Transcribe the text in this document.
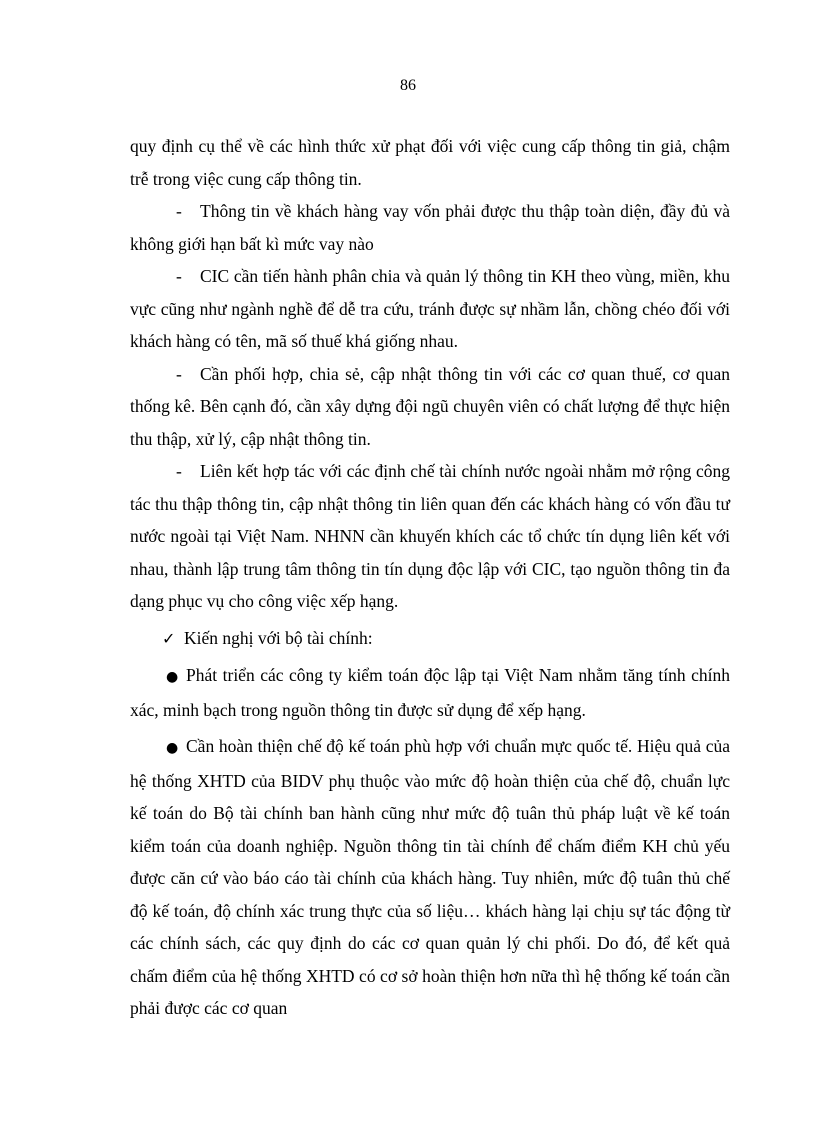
86

quy định cụ thể về các hình thức xử phạt đối với việc cung cấp thông tin giả, chậm trễ trong việc cung cấp thông tin.

- Thông tin về khách hàng vay vốn phải được thu thập toàn diện, đầy đủ và không giới hạn bất kì mức vay nào

- CIC cần tiến hành phân chia và quản lý thông tin KH theo vùng, miền, khu vực cũng như ngành nghề để dễ tra cứu, tránh được sự nhầm lẫn, chồng chéo đối với khách hàng có tên, mã số thuế khá giống nhau.

- Cần phối hợp, chia sẻ, cập nhật thông tin với các cơ quan thuế, cơ quan thống kê. Bên cạnh đó, cần xây dựng đội ngũ chuyên viên có chất lượng để thực hiện thu thập, xử lý, cập nhật thông tin.

- Liên kết hợp tác với các định chế tài chính nước ngoài nhằm mở rộng công tác thu thập thông tin, cập nhật thông tin liên quan đến các khách hàng có vốn đầu tư nước ngoài tại Việt Nam. NHNN cần khuyến khích các tổ chức tín dụng liên kết với nhau, thành lập trung tâm thông tin tín dụng độc lập với CIC, tạo nguồn thông tin đa dạng phục vụ cho công việc xếp hạng.

✓ Kiến nghị với bộ tài chính:

● Phát triển các công ty kiểm toán độc lập tại Việt Nam nhằm tăng tính chính xác, minh bạch trong nguồn thông tin được sử dụng để xếp hạng.

● Cần hoàn thiện chế độ kế toán phù hợp với chuẩn mực quốc tế. Hiệu quả của hệ thống XHTD của BIDV phụ thuộc vào mức độ hoàn thiện của chế độ, chuẩn lực kế toán do Bộ tài chính ban hành cũng như mức độ tuân thủ pháp luật về kế toán kiểm toán của doanh nghiệp. Nguồn thông tin tài chính để chấm điểm KH chủ yếu được căn cứ vào báo cáo tài chính của khách hàng. Tuy nhiên, mức độ tuân thủ chế độ kế toán, độ chính xác trung thực của số liệu… khách hàng lại chịu sự tác động từ các chính sách, các quy định do các cơ quan quản lý chi phối. Do đó, để kết quả chấm điểm của hệ thống XHTD có cơ sở hoàn thiện hơn nữa thì hệ thống kế toán cần phải được các cơ quan
